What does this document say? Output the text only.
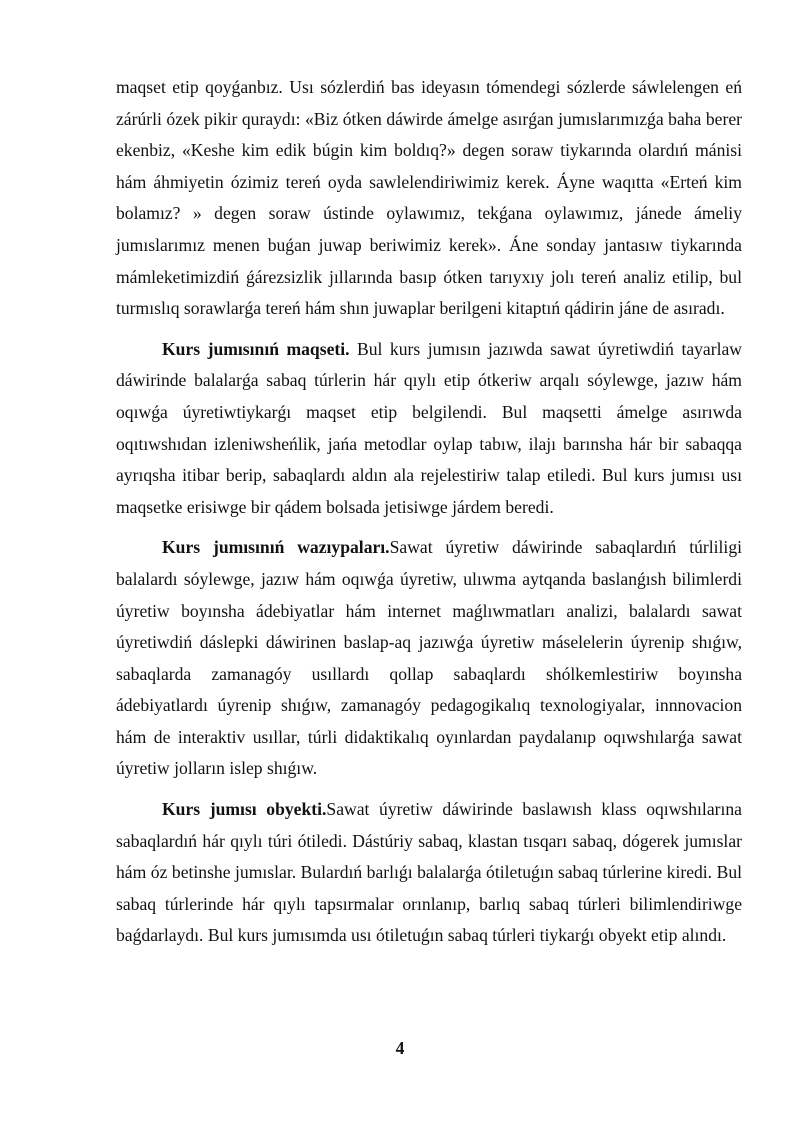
maqset etip qoyǵanbız. Usı sózlerdiń bas ideyasın tómendegi sózlerde sáwlelengen eń zárúrli ózek pikir quraydı: «Biz ótken dáwirde ámelge asırǵan jumıslarımızǵa baha berer ekenbiz, «Keshe kim edik búgin kim boldıq?» degen soraw tiykarında olardıń mánisi hám áhmiyetin ózimiz tereń oyda sawlelendiriwimiz kerek. Áyne waqıtta «Erteń kim bolamız? » degen soraw ústinde oylawımız, tekǵana oylawımız, jánede ámeliy jumıslarımız menen buǵan juwap beriwimiz kerek». Áne sonday jantasıw tiykarında mámleketimizdiń ǵárezsizlik jıllarında basıp ótken tarıyxıy jolı tereń analiz etilip, bul turmıslıq sorawlarǵa tereń hám shın juwaplar berilgeni kitaptıń qádirin jáne de asıradı.

Kurs jumısınıń maqseti. Bul kurs jumısın jazıwda sawat úyretiwdiń tayarlaw dáwirinde balalarǵa sabaq túrlerin hár qıylı etip ótkeriw arqalı sóylewge, jazıw hám oqıwǵa úyretiwtiykarǵı maqset etip belgilendi. Bul maqsetti ámelge asırıwda oqıtıwshıdan izleniwsheńlik, jańa metodlar oylap tabıw, ilajı barınsha hár bir sabaqqa ayrıqsha itibar berip, sabaqlardı aldın ala rejelestiriw talap etiledi. Bul kurs jumısı usı maqsetke erisiwge bir qádem bolsada jetisiwge járdem beredi.

Kurs jumısınıń wazıypaları.Sawat úyretiw dáwirinde sabaqlardıń túrliligi balalardı sóylewge, jazıw hám oqıwǵa úyretiw, ulıwma aytqanda baslanǵısh bilimlerdi úyretiw boyınsha ádebiyatlar hám internet maǵlıwmatları analizi, balalardı sawat úyretiwdiń dáslepki dáwirinen baslap-aq jazıwǵa úyretiw máselelerin úyrenip shıǵıw, sabaqlarda zamanagóy usıllardı qollap sabaqlardı shólkemlestiriw boyınsha ádebiyatlardı úyrenip shıǵıw, zamanagóy pedagogikalıq texnologiyalar, innnovacion hám de interaktiv usıllar, túrli didaktikalıq oyınlardan paydalanıp oqıwshılarǵa sawat úyretiw jolların islep shıǵıw.

Kurs jumısı obyekti.Sawat úyretiw dáwirinde baslawısh klass oqıwshılarına sabaqlardıń hár qıylı túri ótiledi. Dástúriy sabaq, klastan tısqarı sabaq, dógerek jumıslar hám óz betinshe jumıslar. Bulardıń barlıǵı balalarǵa ótiletuǵın sabaq túrlerine kiredi. Bul sabaq túrlerinde hár qıylı tapsırmalar orınlanıp, barlıq sabaq túrleri bilimlendiriwge baǵdarlaydı. Bul kurs jumısımda usı ótiletuǵın sabaq túrleri tiykarǵı obyekt etip alındı.

4
